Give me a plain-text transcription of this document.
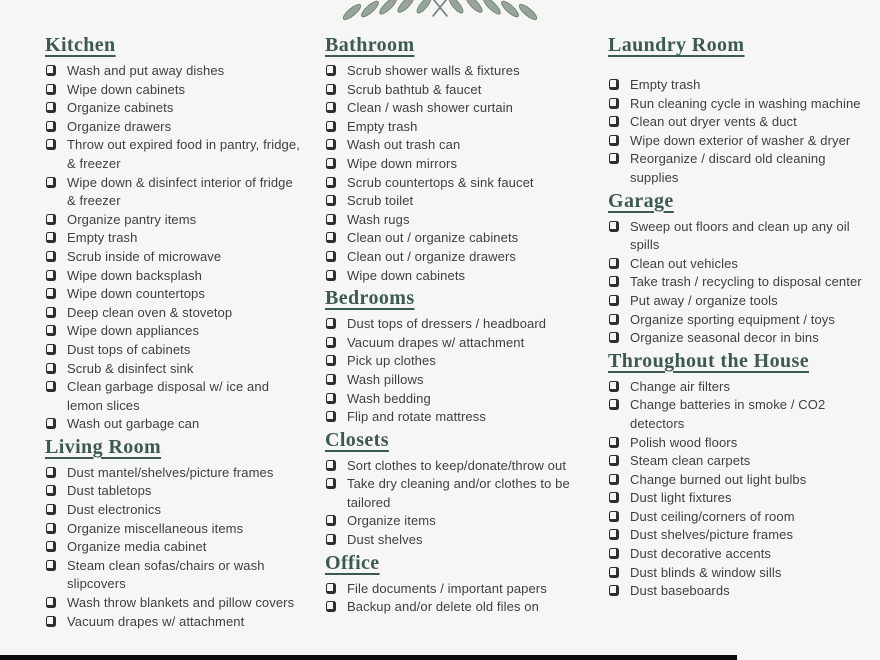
Kitchen
Wash and put away dishes
Wipe down cabinets
Organize cabinets
Organize drawers
Throw out expired food in pantry, fridge, & freezer
Wipe down & disinfect interior of fridge & freezer
Organize pantry items
Empty trash
Scrub inside of microwave
Wipe down backsplash
Wipe down countertops
Deep clean oven & stovetop
Wipe down appliances
Dust tops of cabinets
Scrub & disinfect sink
Clean garbage disposal w/ ice and lemon slices
Wash out garbage can
Living Room
Dust mantel/shelves/picture frames
Dust tabletops
Dust electronics
Organize miscellaneous items
Organize media cabinet
Steam clean sofas/chairs or wash slipcovers
Wash throw blankets and pillow covers
Vacuum drapes w/ attachment
Bathroom
Scrub shower walls & fixtures
Scrub bathtub & faucet
Clean / wash shower curtain
Empty trash
Wash out trash can
Wipe down mirrors
Scrub countertops & sink faucet
Scrub toilet
Wash rugs
Clean out / organize cabinets
Clean out / organize drawers
Wipe down cabinets
Bedrooms
Dust tops of dressers / headboard
Vacuum drapes w/ attachment
Pick up clothes
Wash pillows
Wash bedding
Flip and rotate mattress
Closets
Sort clothes to keep/donate/throw out
Take dry cleaning and/or clothes to be tailored
Organize items
Dust shelves
Office
File documents / important papers
Backup and/or delete old files on
Laundry Room
Empty trash
Run cleaning cycle in washing machine
Clean out dryer vents & duct
Wipe down exterior of washer & dryer
Reorganize / discard old cleaning supplies
Garage
Sweep out floors and clean up any oil spills
Clean out vehicles
Take trash / recycling to disposal center
Put away / organize tools
Organize sporting equipment / toys
Organize seasonal decor in bins
Throughout the House
Change air filters
Change batteries in smoke / CO2 detectors
Polish wood floors
Steam clean carpets
Change burned out light bulbs
Dust light fixtures
Dust ceiling/corners of room
Dust shelves/picture frames
Dust decorative accents
Dust blinds & window sills
Dust baseboards
